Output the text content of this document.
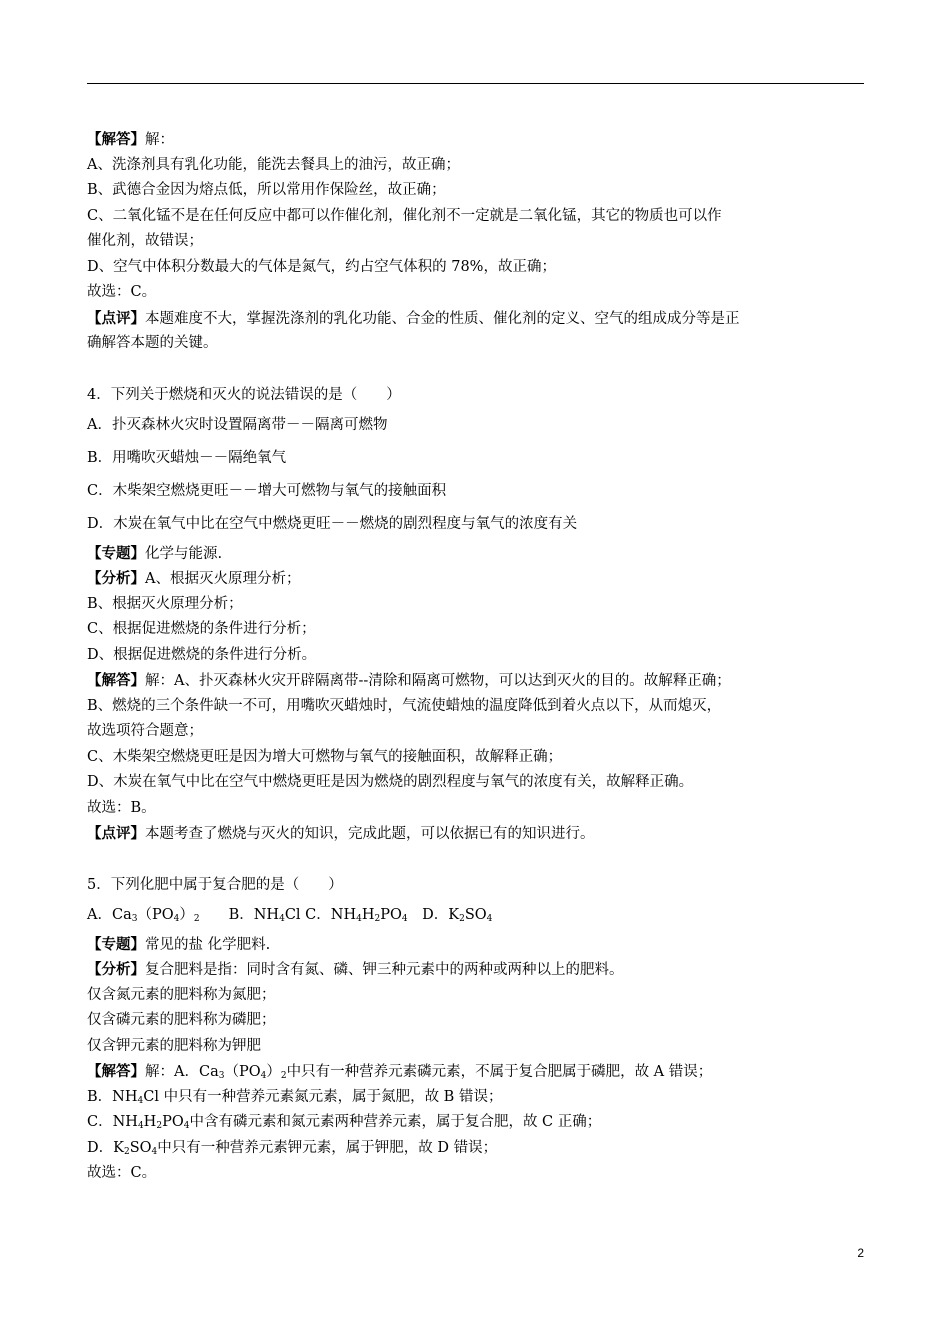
【解答】解：
A、洗涤剂具有乳化功能，能洗去餐具上的油污，故正确；
B、武德合金因为熔点低，所以常用作保险丝，故正确；
C、二氧化锰不是在任何反应中都可以作催化剂，催化剂不一定就是二氧化锰，其它的物质也可以作
催化剂，故错误；
D、空气中体积分数最大的气体是氮气，约占空气体积的 78%，故正确；
故选：C。
【点评】本题难度不大，掌握洗涤剂的乳化功能、合金的性质、催化剂的定义、空气的组成成分等是正
确解答本题的关键。
4．下列关于燃烧和灭火的说法错误的是（　　）
A．扑灭森林火灾时设置隔离带－－隔离可燃物
B．用嘴吹灭蜡烛－－隔绝氧气
C．木柴架空燃烧更旺－－增大可燃物与氧气的接触面积
D．木炭在氧气中比在空气中燃烧更旺－－燃烧的剧烈程度与氧气的浓度有关
【专题】化学与能源.
【分析】A、根据灭火原理分析；
B、根据灭火原理分析；
C、根据促进燃烧的条件进行分析；
D、根据促进燃烧的条件进行分析。
【解答】解：A、扑灭森林火灾开辟隔离带--清除和隔离可燃物，可以达到灭火的目的。故解释正确；
B、燃烧的三个条件缺一不可，用嘴吹灭蜡烛时，气流使蜡烛的温度降低到着火点以下，从而熄灭，
故选项符合题意；
C、木柴架空燃烧更旺是因为增大可燃物与氧气的接触面积，故解释正确；
D、木炭在氧气中比在空气中燃烧更旺是因为燃烧的剧烈程度与氧气的浓度有关，故解释正确。
故选：B。
【点评】本题考查了燃烧与灭火的知识，完成此题，可以依据已有的知识进行。
5．下列化肥中属于复合肥的是（　　）
A．$Ca_3(PO_4)_2$　　 B．$NH_4Cl$ C．$NH_4H_2PO_4$　 D．$K_2SO_4$
【专题】常见的盐 化学肥料.
【分析】复合肥料是指：同时含有氮、磷、钾三种元素中的两种或两种以上的肥料。
仅含氮元素的肥料称为氮肥；
仅含磷元素的肥料称为磷肥；
仅含钾元素的肥料称为钾肥
【解答】解：A．$Ca_3(PO_4)_2$中只有一种营养元素磷元素，不属于复合肥属于磷肥，故 A 错误；
B．$NH_4Cl$ 中只有一种营养元素氮元素，属于氮肥，故 B 错误；
C．$NH_4H_2PO_4$中含有磷元素和氮元素两种营养元素，属于复合肥，故 C 正确；
D．$K_2SO_4$中只有一种营养元素钾元素，属于钾肥，故 D 错误；
故选：C。
2
